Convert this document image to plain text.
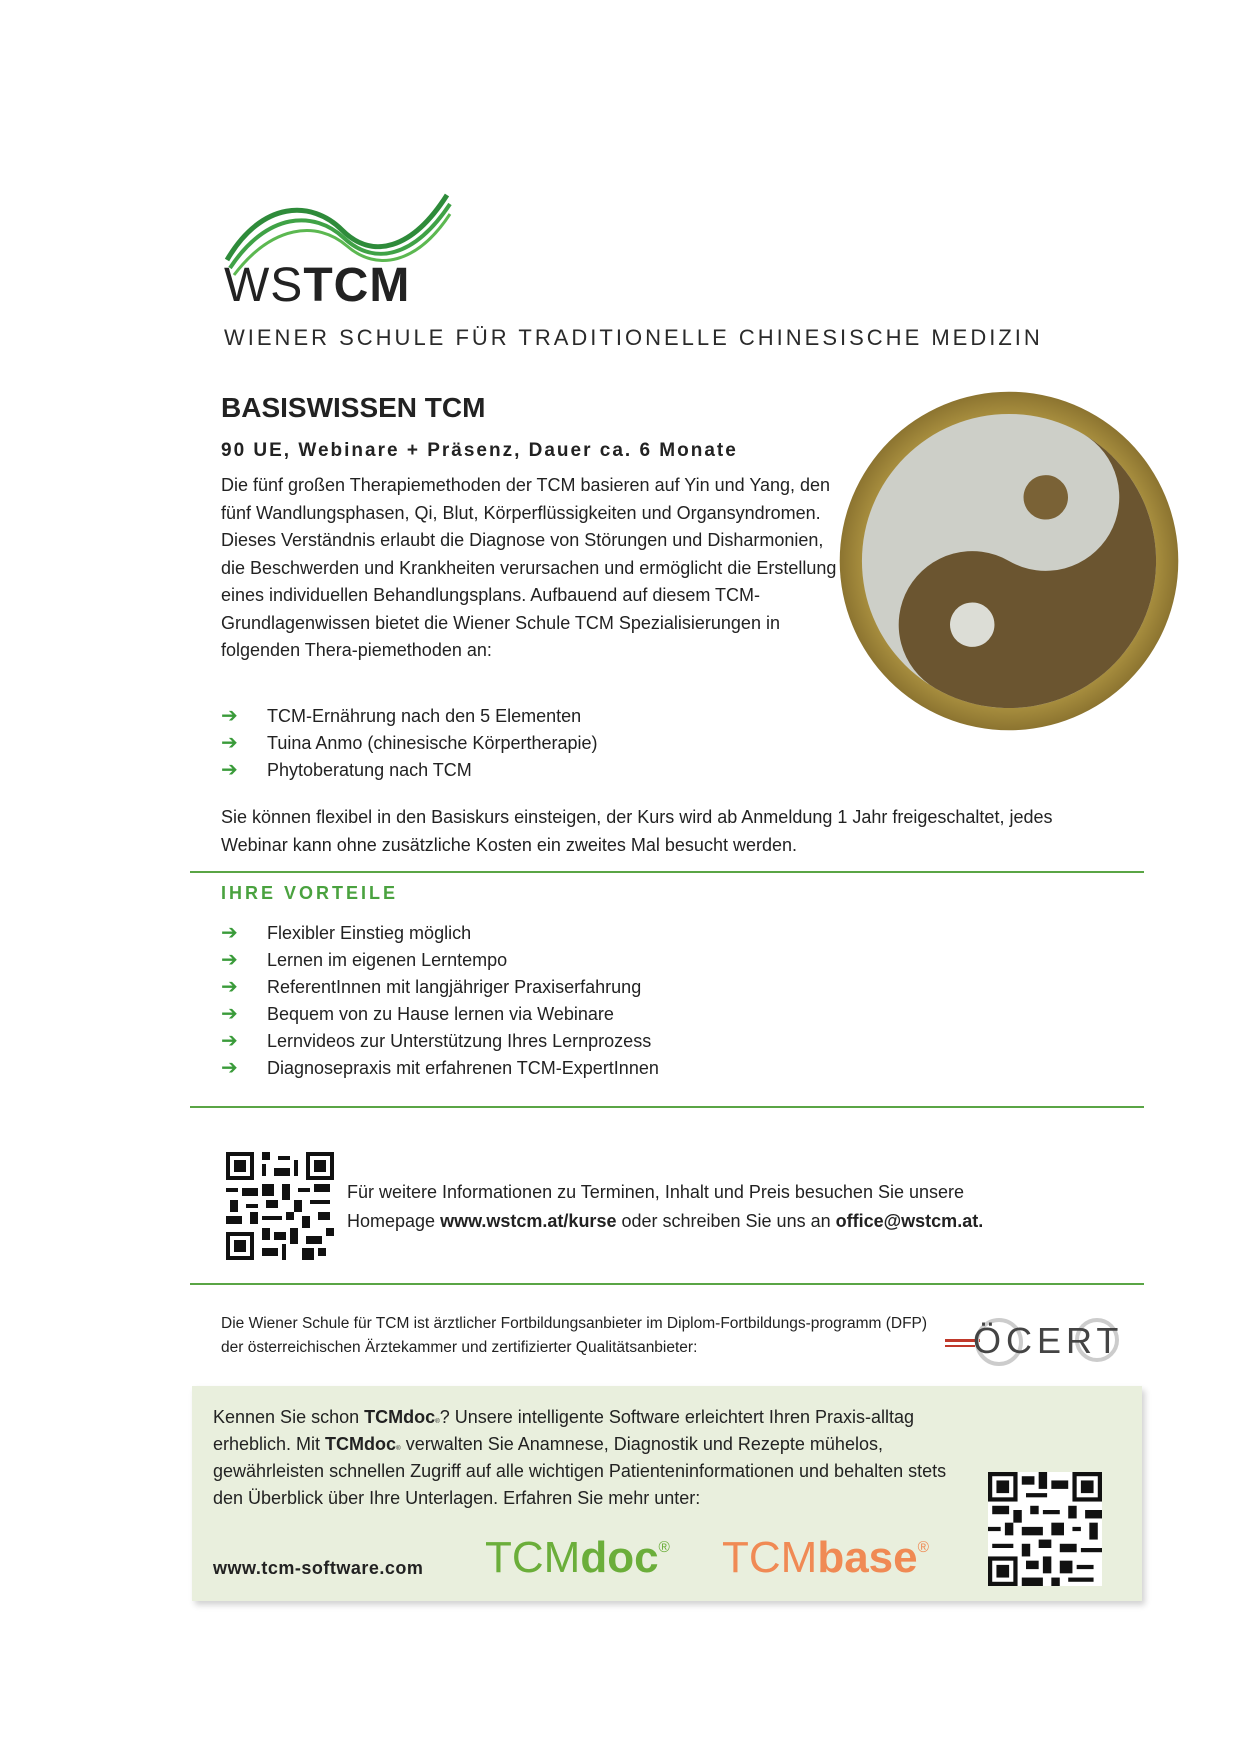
WSTCM
WIENER SCHULE FÜR TRADITIONELLE CHINESISCHE MEDIZIN
BASISWISSEN TCM
90 UE, Webinare + Präsenz, Dauer ca. 6 Monate

Die fünf großen Therapiemethoden der TCM basieren auf Yin und Yang, den fünf Wandlungsphasen, Qi, Blut, Körperflüssigkeiten und Organsyndromen. Dieses Verständnis erlaubt die Diagnose von Störungen und Disharmonien, die Beschwerden und Krankheiten verursachen und ermöglicht die Erstellung eines individuellen Behandlungsplans. Aufbauend auf diesem TCM-Grundlagenwissen bietet die Wiener Schule TCM Spezialisierungen in folgenden Thera-piemethoden an:

➔ TCM-Ernährung nach den 5 Elementen
➔ Tuina Anmo (chinesische Körpertherapie)
➔ Phytoberatung nach TCM

Sie können flexibel in den Basiskurs einsteigen, der Kurs wird ab Anmeldung 1 Jahr freigeschaltet, jedes Webinar kann ohne zusätzliche Kosten ein zweites Mal besucht werden.

IHRE VORTEILE
➔ Flexibler Einstieg möglich
➔ Lernen im eigenen Lerntempo
➔ ReferentInnen mit langjähriger Praxiserfahrung
➔ Bequem von zu Hause lernen via Webinare
➔ Lernvideos zur Unterstützung Ihres Lernprozess
➔ Diagnosepraxis mit erfahrenen TCM-ExpertInnen

Für weitere Informationen zu Terminen, Inhalt und Preis besuchen Sie unsere
Homepage www.wstcm.at/kurse oder schreiben Sie uns an office@wstcm.at.

Die Wiener Schule für TCM ist ärztlicher Fortbildungsanbieter im Diplom-Fortbildungs-programm (DFP) der österreichischen Ärztekammer und zertifizierter Qualitätsanbieter:	ÖCERT

Kennen Sie schon TCMdoc®? Unsere intelligente Software erleichtert Ihren Praxis-alltag erheblich. Mit TCMdoc® verwalten Sie Anamnese, Diagnostik und Rezepte mühelos, gewährleisten schnellen Zugriff auf alle wichtigen Patienteninformationen und behalten stets den Überblick über Ihre Unterlagen. Erfahren Sie mehr unter:

www.tcm-software.com TCMdoc® TCMbase®
